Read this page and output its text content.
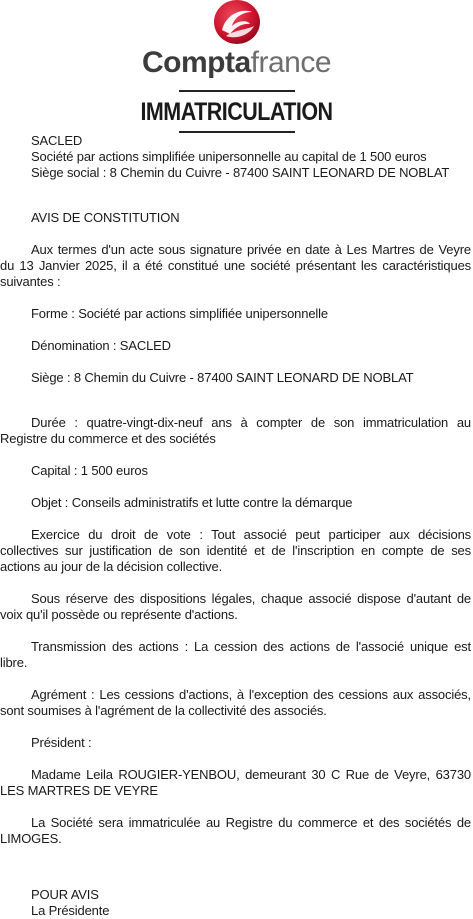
Comptafrance
IMMATRICULATION

SACLED

Société par actions simplifiée unipersonnelle au capital de 1 500 euros

Siège social : 8 Chemin du Cuivre - 87400 SAINT LEONARD DE NOBLAT

AVIS DE CONSTITUTION

Aux termes d'un acte sous signature privée en date à Les Martres de Veyre du 13 Janvier 2025, il a été constitué une société présentant les caractéristiques suivantes :

Forme : Société par actions simplifiée unipersonnelle

Dénomination : SACLED

Siège : 8 Chemin du Cuivre - 87400 SAINT LEONARD DE NOBLAT

Durée : quatre-vingt-dix-neuf ans à compter de son immatriculation au Registre du commerce et des sociétés

Capital : 1 500 euros

Objet : Conseils administratifs et lutte contre la démarque

Exercice du droit de vote : Tout associé peut participer aux décisions collectives sur justification de son identité et de l'inscription en compte de ses actions au jour de la décision collective.

Sous réserve des dispositions légales, chaque associé dispose d'autant de voix qu'il possède ou représente d'actions.

Transmission des actions : La cession des actions de l'associé unique est libre.

Agrément : Les cessions d'actions, à l'exception des cessions aux associés, sont soumises à l'agrément de la collectivité des associés.

Président :

Madame Leila ROUGIER-YENBOU, demeurant 30 C Rue de Veyre, 63730 LES MARTRES DE VEYRE

La Société sera immatriculée au Registre du commerce et des sociétés de LIMOGES.

POUR AVIS

La Présidente
